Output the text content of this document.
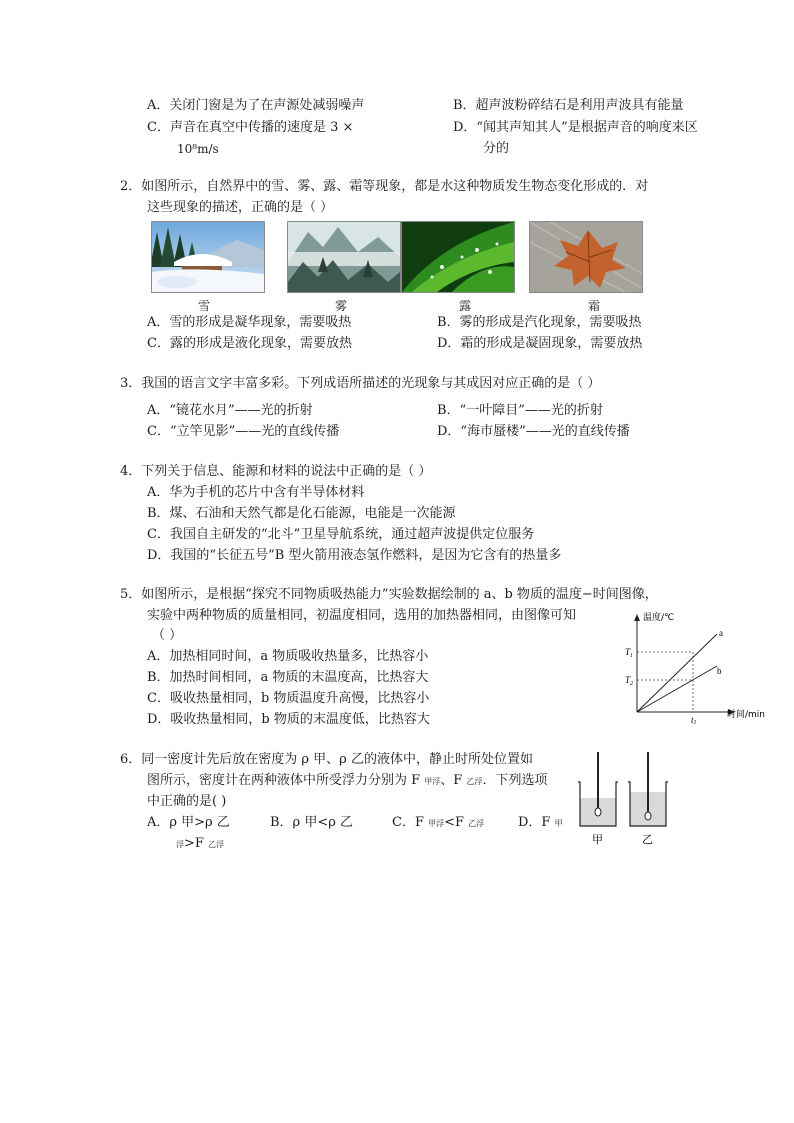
A．关闭门窗是为了在声源处减弱噪声	B．超声波粉碎结石是利用声波具有能量
C．声音在真空中传播的速度是 3 ×
10⁸m/s
D．“闻其声知其人”是根据声音的响度来区
分的
2．如图所示，自然界中的雪、雾、露、霜等现象，都是水这种物质发生物态变化形成的．对
这些现象的描述，正确的是（ ）
雪	雾	露	霜
A．雪的形成是凝华现象，需要吸热	B．雾的形成是汽化现象，需要吸热
C．露的形成是液化现象，需要放热	D．霜的形成是凝固现象，需要放热
3．我国的语言文字丰富多彩。下列成语所描述的光现象与其成因对应正确的是（ ）
A．“镜花水月”——光的折射	B．“一叶障目”——光的折射
C．“立竿见影”——光的直线传播	D．“海市蜃楼”——光的直线传播
4．下列关于信息、能源和材料的说法中正确的是（ ）
A．华为手机的芯片中含有半导体材料
B．煤、石油和天然气都是化石能源，电能是一次能源
C．我国自主研发的“北斗”卫星导航系统，通过超声波提供定位服务
D．我国的“长征五号”B 型火箭用液态氢作燃料，是因为它含有的热量多
5．如图所示，是根据“探究不同物质吸热能力”实验数据绘制的 a、b 物质的温度−时间图像，
实验中两种物质的质量相同，初温度相同，选用的加热器相同，由图像可知
（ ）
A．加热相同时间，a 物质吸收热量多，比热容小
B．加热时间相同，a 物质的末温度高，比热容大
C．吸收热量相同，b 物质温度升高慢，比热容小
D．吸收热量相同，b 物质的末温度低，比热容大
温度/℃
时间/min
a
b
$T_1$
$T_2$
t1
6．同一密度计先后放在密度为 ρ 甲、ρ 乙的液体中，静止时所处位置如
图所示，密度计在两种液体中所受浮力分别为 F 甲浮、F 乙浮．下列选项
中正确的是( )
A．ρ 甲>ρ 乙	B．ρ 甲<ρ 乙	C．F 甲浮<F 乙浮	D．F 甲
浮>F 乙浮	甲	乙
